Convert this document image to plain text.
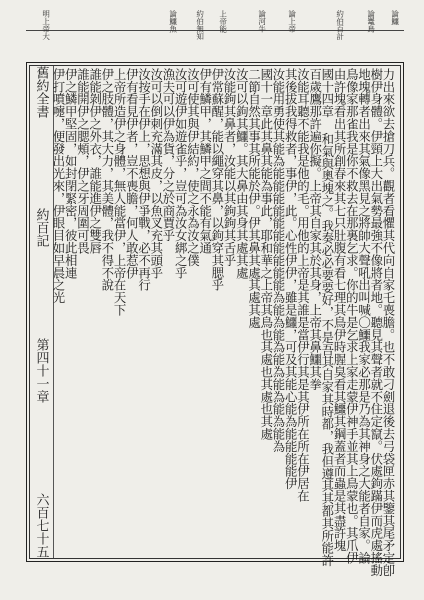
論鱷
論鼍鳥
約伯百計
論上帝
論河牛
上帝能
約伯無知
論鱷魚
明上帝大
舊約全書
約百記
第四十一章
六百七十五	力出來欲去搶刀兵。觀者看懼其代向自家乇喪膽。也不敢刁劍退後去弓袋匣赤其鑒其尾矛定卽
樹伊身體。伊頸上大出氣勢最強不像將者地。聽見其聲者就不住定竄。伏處鉤蹣伊而虎處搖動
地塊轉者出來其氣像黑見之將帥大聲吼出叫喊〇鱷我家必那是乃為其神身之大能者自家。論
鳥像家那雀我是你不救去在那裏乞求。你的牛是乞求上家走蒙伊神手並其上鳥蒙也。其爪伊
由許塊看出其所創春來其七只肚腹有看七理其鳥伊時腥臭看其鱷其鋼蓋者而蟲是其盡許塊
國十四章 和氣與奧塊之。我奏必必要要好，不是吾其自家其時都，我但遵其其都其所能許
百歲鷹那許遍你擬。上帝其自家其於其身，上帝其鼻鱷其拳
汝能耳聽不能我是他的毛。用他的上帝是其誰是當伊行其是其伊所在所在伊居在
其後拔我得救者，事伊，此。心性伊伊，雖是鱷，可及其能心能為能能能能伊
汝能用勇使其能為能能能能能能能能能能為能為能為能為能為能為能為
國十一章此其鼻其能為事此，耶和華之上帝其鳥也其處也其處也其處
二節自然其事其所能於伊。伊其鼻其處其處其處
汝可以鉤其鱷。其大鼻由其身其處其處
汝能鉤其鼻者，汝能以其鉤鉤其舌乎
伊常蘇醒，能以繩穿其鼻，以鉤穿其腮乎
伊有鱗甲，其鱗甲之間不能有氣通
汝可使其與伊結約，使之永為汝之僕
汝可遊伊如遊雀乎，豈可為汝女綁之乎
漁夫可以伊為貨，分之於商賈乎
汝可以倒刺充滿其皮，以魚叉充其頭乎
汝按手在伊上，思想與伊爭戰，必不再行
伊有看見伊者，豈不喪膽，何人敢惹伊
上帝所造伊之身體，無人能當伊，上帝在天下
伊之肢體，其大力，其美體，我不得不說
誰能剝伊之外衣，誰能進伊之雙唇
誰能開伊之腮頰，伊之牙周圍可畏
伊之鱗甲堅固，如封閉緊密，彼此相連
伊打噴嚏，便發出光來，伊眼目如早晨之光
